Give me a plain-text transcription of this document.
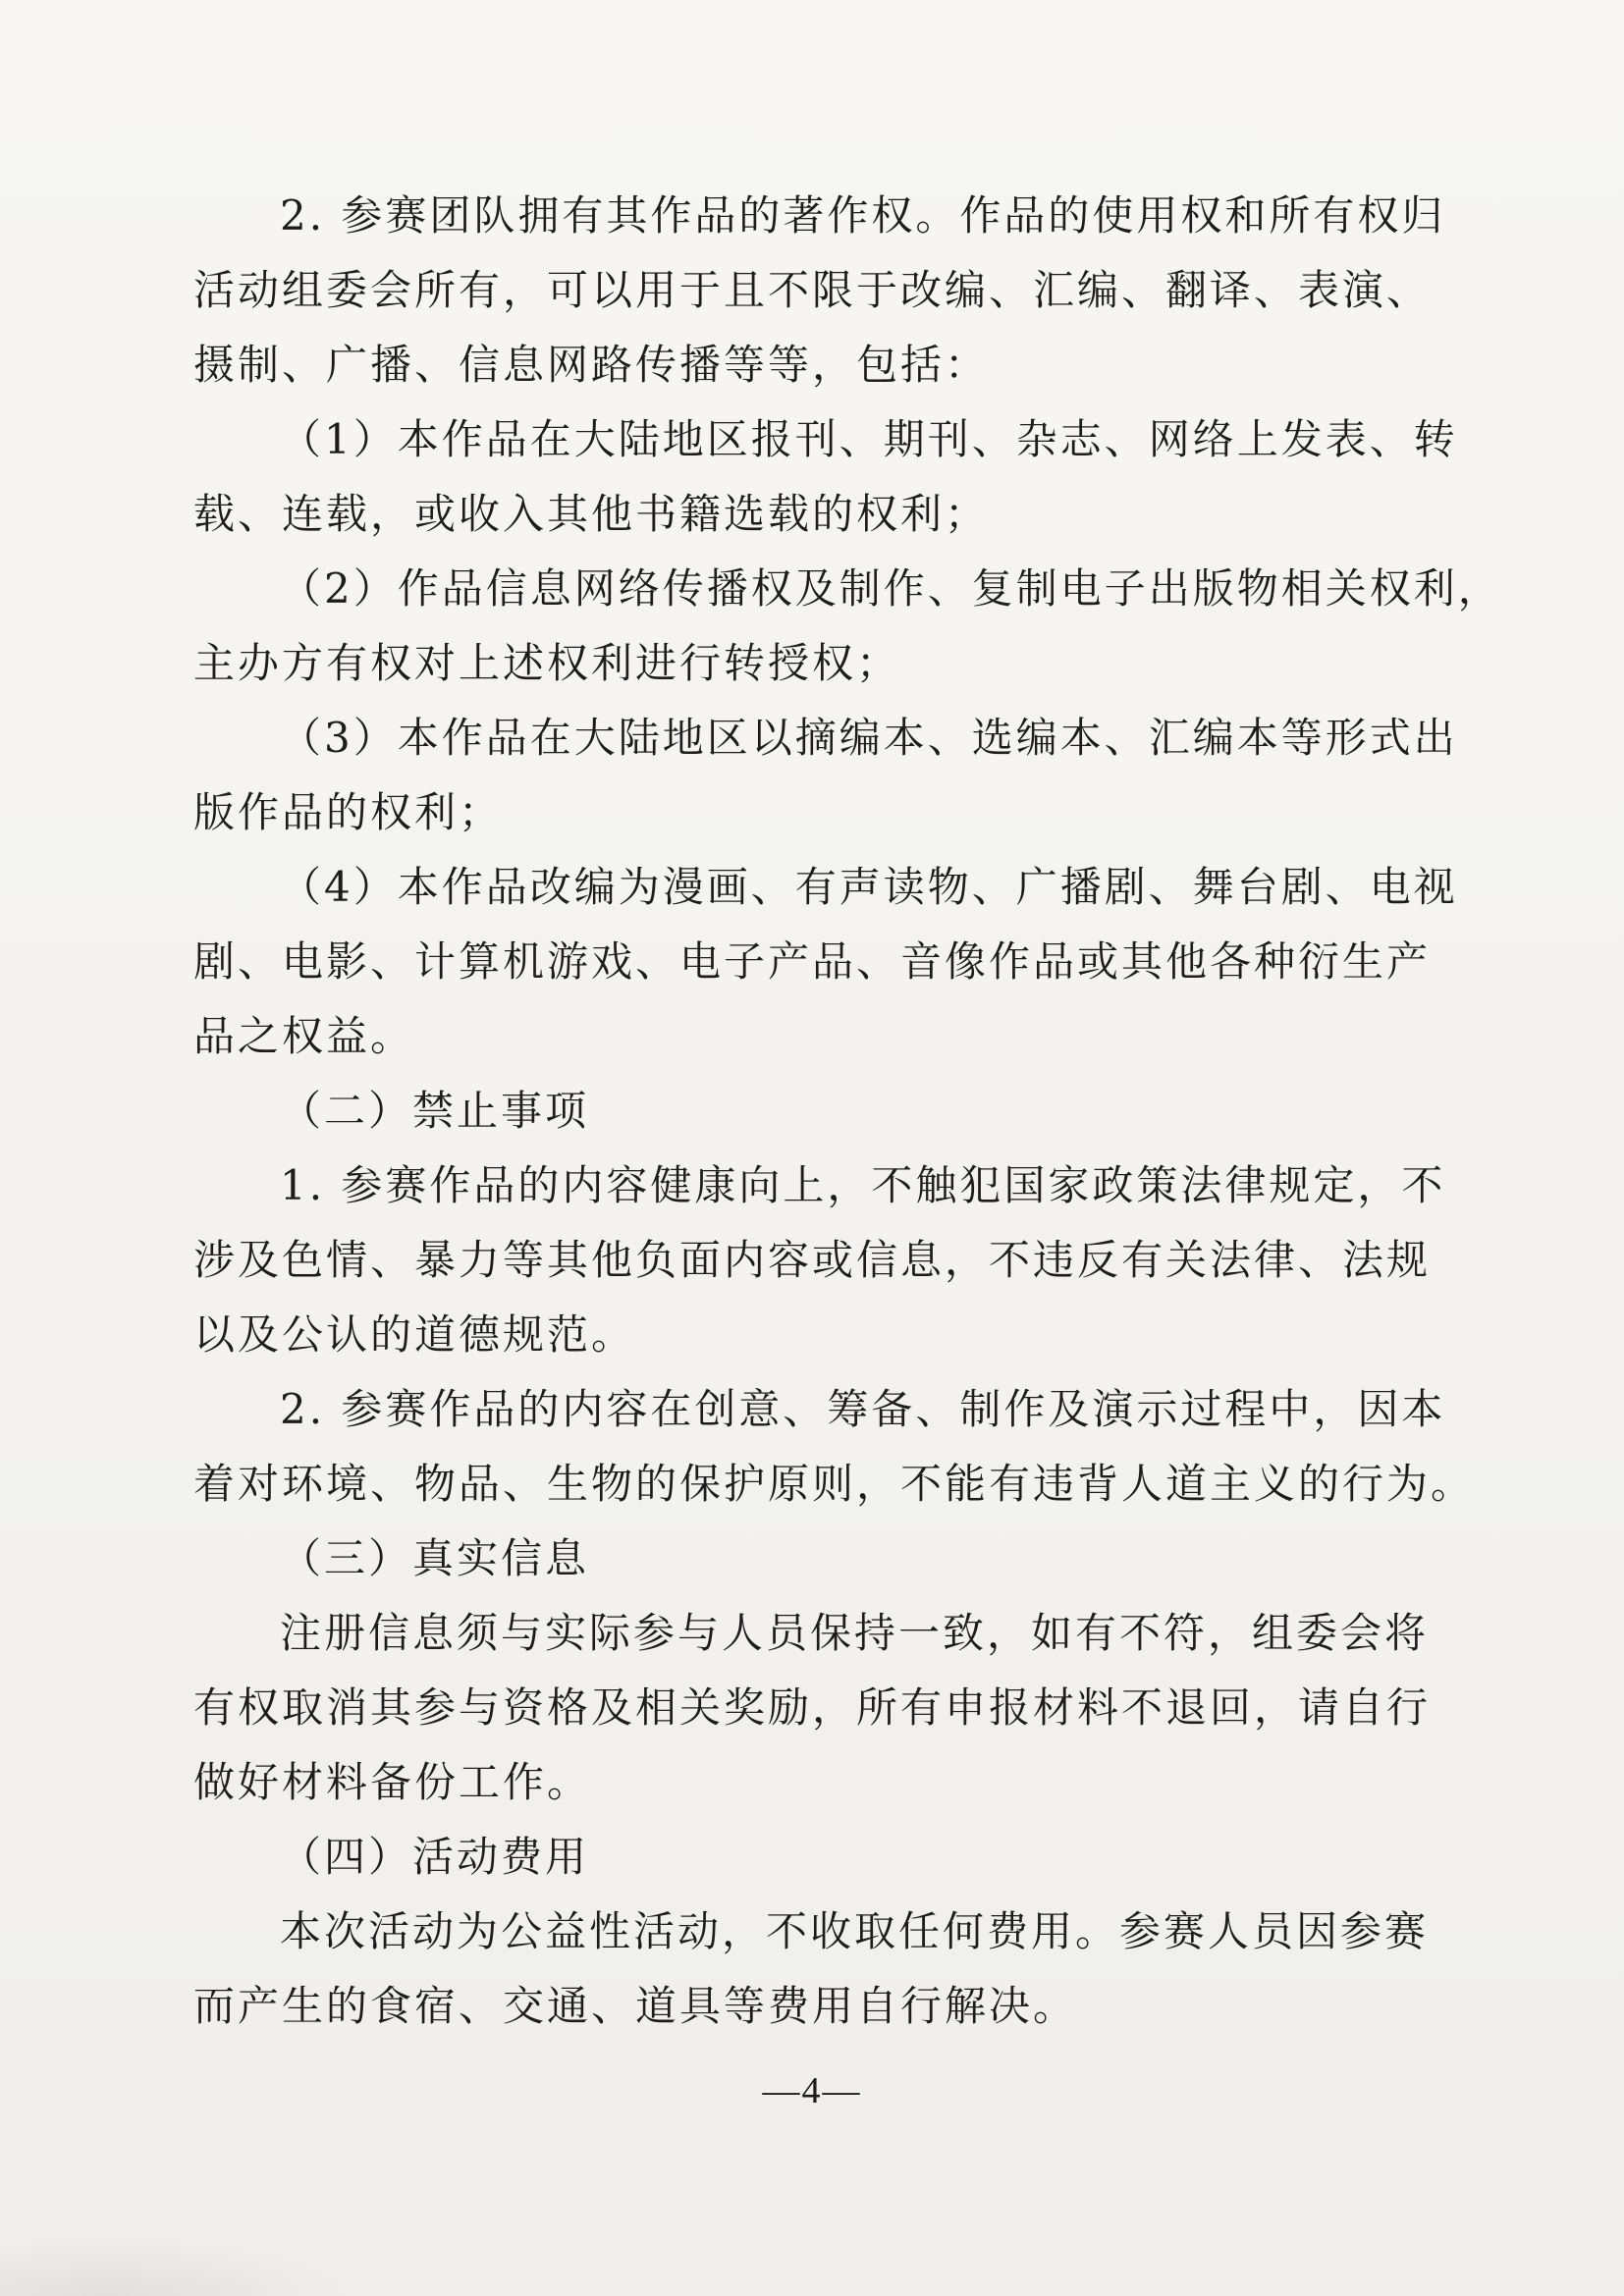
2. 参赛团队拥有其作品的著作权。作品的使用权和所有权归
活动组委会所有，可以用于且不限于改编、汇编、翻译、表演、
摄制、广播、信息网路传播等等，包括：
（1）本作品在大陆地区报刊、期刊、杂志、网络上发表、转
载、连载，或收入其他书籍选载的权利；
（2）作品信息网络传播权及制作、复制电子出版物相关权利，
主办方有权对上述权利进行转授权；
（3）本作品在大陆地区以摘编本、选编本、汇编本等形式出
版作品的权利；
（4）本作品改编为漫画、有声读物、广播剧、舞台剧、电视
剧、电影、计算机游戏、电子产品、音像作品或其他各种衍生产
品之权益。
（二）禁止事项
1. 参赛作品的内容健康向上，不触犯国家政策法律规定，不
涉及色情、暴力等其他负面内容或信息，不违反有关法律、法规
以及公认的道德规范。
2. 参赛作品的内容在创意、筹备、制作及演示过程中，因本
着对环境、物品、生物的保护原则，不能有违背人道主义的行为。
（三）真实信息
注册信息须与实际参与人员保持一致，如有不符，组委会将
有权取消其参与资格及相关奖励，所有申报材料不退回，请自行
做好材料备份工作。
（四）活动费用
本次活动为公益性活动，不收取任何费用。参赛人员因参赛
而产生的食宿、交通、道具等费用自行解决。
—4—
